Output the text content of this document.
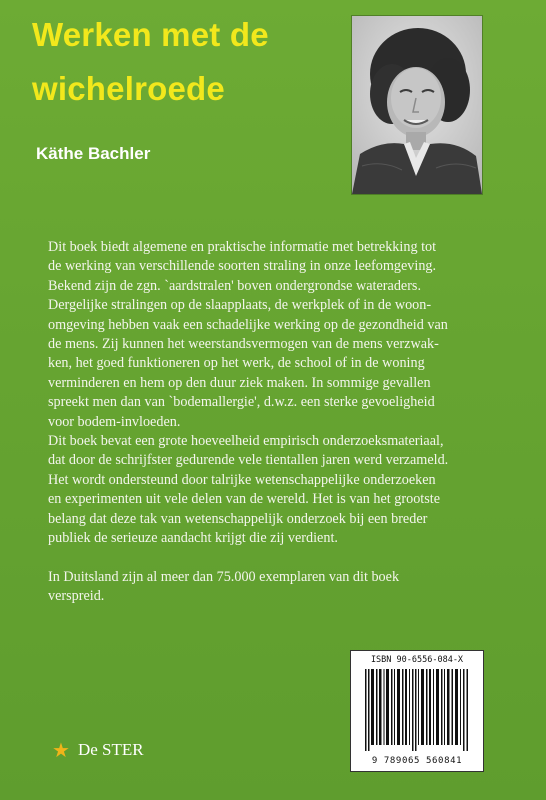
Werken met de
wichelroede
Käthe Bachler

Dit boek biedt algemene en praktische informatie met betrekking tot

de werking van verschillende soorten straling in onze leefomgeving.

Bekend zijn de zgn. `aardstralen' boven ondergrondse wateraders.

Dergelijke stralingen op de slaapplaats, de werkplek of in de woon-

omgeving hebben vaak een schadelijke werking op de gezondheid van

de mens. Zij kunnen het weerstandsvermogen van de mens verzwak-

ken, het goed funktioneren op het werk, de school of in de woning

verminderen en hem op den duur ziek maken. In sommige gevallen

spreekt men dan van `bodemallergie', d.w.z. een sterke gevoeligheid

voor bodem-invloeden.

Dit boek bevat een grote hoeveelheid empirisch onderzoeksmateriaal,

dat door de schrijfster gedurende vele tientallen jaren werd verzameld.

Het wordt ondersteund door talrijke wetenschappelijke onderzoeken

en experimenten uit vele delen van de wereld. Het is van het grootste

belang dat deze tak van wetenschappelijk onderzoek bij een breder

publiek de serieuze aandacht krijgt die zij verdient.

In Duitsland zijn al meer dan 75.000 exemplaren van dit boek

verspreid.

ISBN 90-6556-084-X
9 789065 560841
★ De STER
